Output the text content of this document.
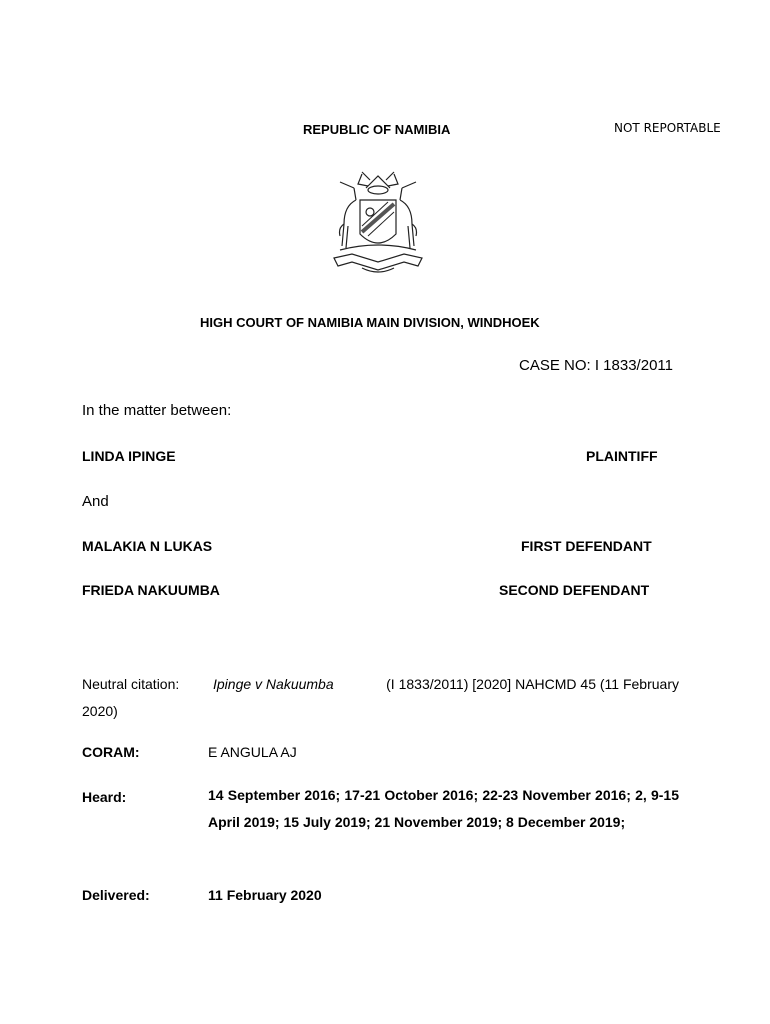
REPUBLIC OF NAMIBIA	NOT REPORTABLE
HIGH COURT OF NAMIBIA MAIN DIVISION, WINDHOEK
CASE NO: I 1833/2011
In the matter between:
LINDA IPINGE	PLAINTIFF
And
MALAKIA N LUKAS	FIRST DEFENDANT
FRIEDA NAKUUMBA	SECOND DEFENDANT
Neutral citation: Ipinge v Nakuumba	(I 1833/2011) [2020] NAHCMD 45 (11 February
2020)
CORAM:	E ANGULA AJ
Heard:	14 September 2016; 17-21 October 2016; 22-23 November 2016; 2, 9-15 April 2019; 15 July 2019; 21 November 2019; 8 December 2019;
Delivered:	11 February 2020
